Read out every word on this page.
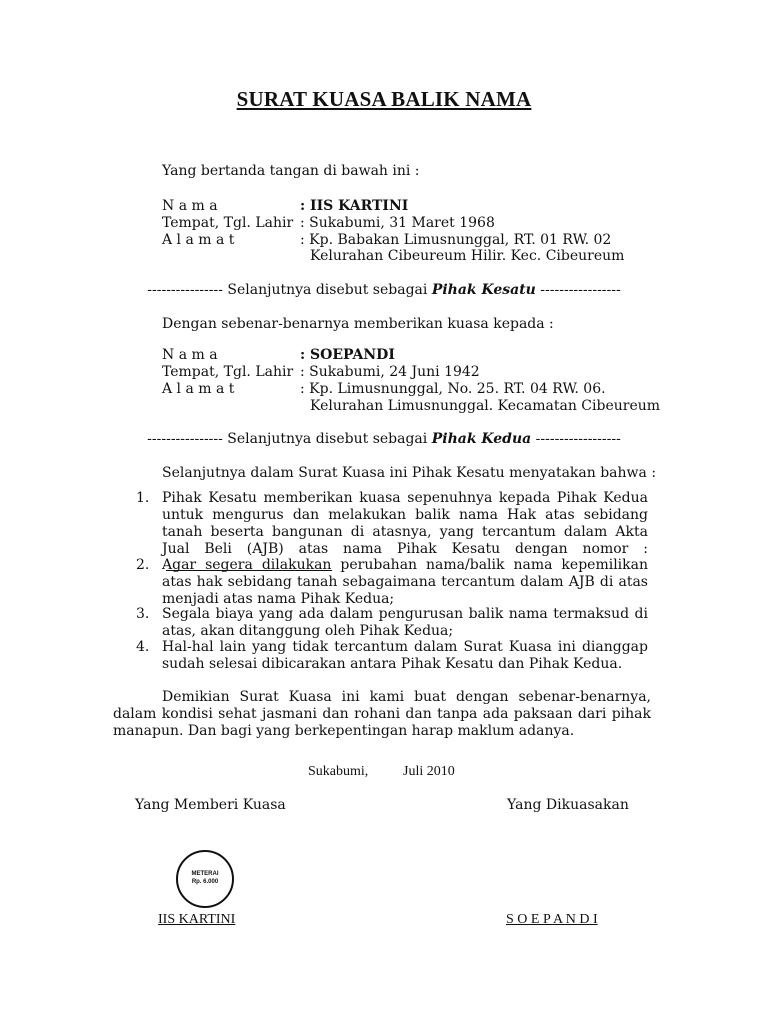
SURAT KUASA BALIK NAMA
Yang bertanda tangan di bawah ini :
N a m a	: IIS KARTINI
Tempat, Tgl. Lahir : Sukabumi, 31 Maret 1968
A l a m a t	: Kp. Babakan Limusnunggal, RT. 01 RW. 02
Kelurahan Cibeureum Hilir. Kec. Cibeureum
---------------- Selanjutnya disebut sebagai Pihak Kesatu -----------------
Dengan sebenar-benarnya memberikan kuasa kepada :
N a m a	: SOEPANDI
Tempat, Tgl. Lahir : Sukabumi, 24 Juni 1942
A l a m a t	: Kp. Limusnunggal, No. 25. RT. 04 RW. 06.
Kelurahan Limusnunggal. Kecamatan Cibeureum
---------------- Selanjutnya disebut sebagai Pihak Kedua ------------------
Selanjutnya dalam Surat Kuasa ini Pihak Kesatu menyatakan bahwa :
1. Pihak Kesatu memberikan kuasa sepenuhnya kepada Pihak Kedua untuk mengurus dan melakukan balik nama Hak atas sebidang tanah beserta bangunan di atasnya, yang tercantum dalam Akta Jual Beli (AJB) atas nama Pihak Kesatu dengan nomor :
2. Agar segera dilakukan perubahan nama/balik nama kepemilikan atas hak sebidang tanah sebagaimana tercantum dalam AJB di atas menjadi atas nama Pihak Kedua;
3. Segala biaya yang ada dalam pengurusan balik nama termaksud di atas, akan ditanggung oleh Pihak Kedua;
4. Hal-hal lain yang tidak tercantum dalam Surat Kuasa ini dianggap sudah selesai dibicarakan antara Pihak Kesatu dan Pihak Kedua.
Demikian Surat Kuasa ini kami buat dengan sebenar-benarnya, dalam kondisi sehat jasmani dan rohani dan tanpa ada paksaan dari pihak manapun. Dan bagi yang berkepentingan harap maklum adanya.
Sukabumi, Juli 2010
Yang Memberi Kuasa	Yang Dikuasakan
METERAI
Rp. 6.000
IIS KARTINI	S O E P A N D I
